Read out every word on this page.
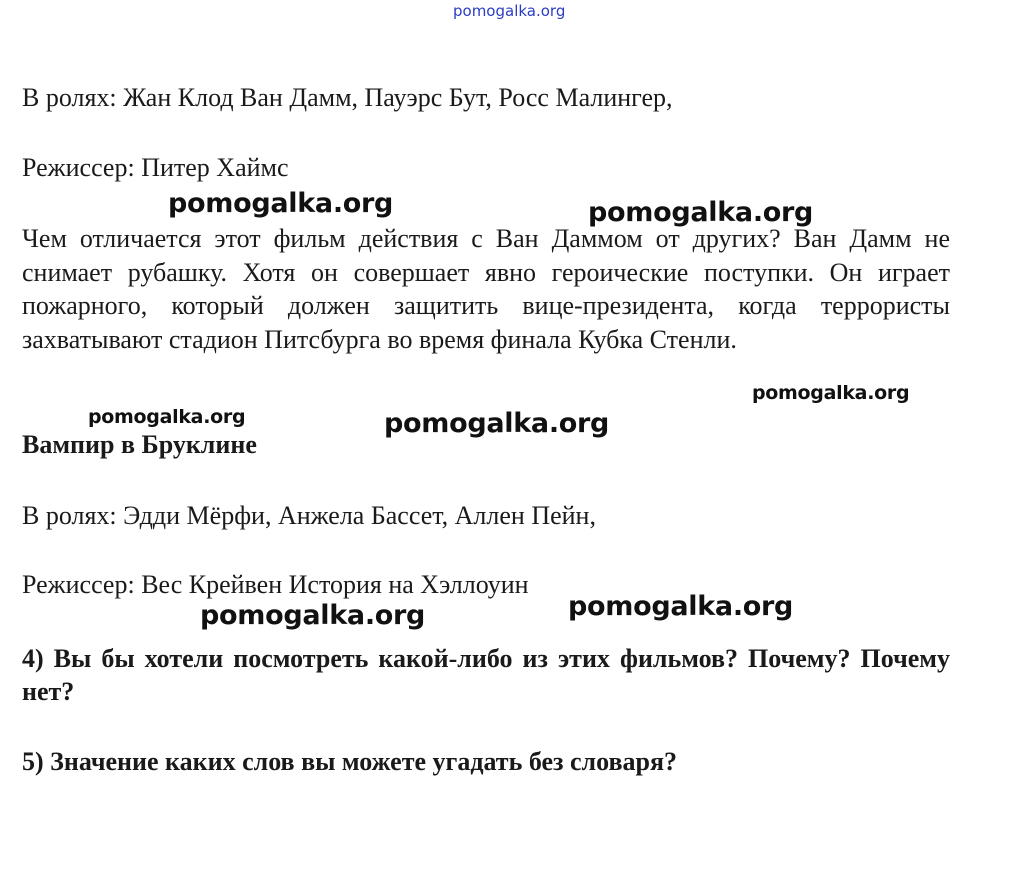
pomogalka.org

В ролях: Жан Клод Ван Дамм, Пауэрс Бут, Росс Малингер,

Режиссер: Питер Хаймс

Чем отличается этот фильм действия с Ван Даммом от других? Ван Дамм не снимает рубашку. Хотя он совершает явно героические поступки. Он играет пожарного, который должен защитить вице-президента, когда террористы захватывают стадион Питсбурга во время финала Кубка Стенли.

Вампир в Бруклине

В ролях: Эдди Мёрфи, Анжела Бассет, Аллен Пейн,

Режиссер: Вес Крейвен История на Хэллоуин

4) Вы бы хотели посмотреть какой-либо из этих фильмов? Почему? Почему нет?

5) Значение каких слов вы можете угадать без словаря?

pomogalka.org	pomogalka.org
pomogalka.org
pomogalka.org	pomogalka.org
pomogalka.org	pomogalka.org
